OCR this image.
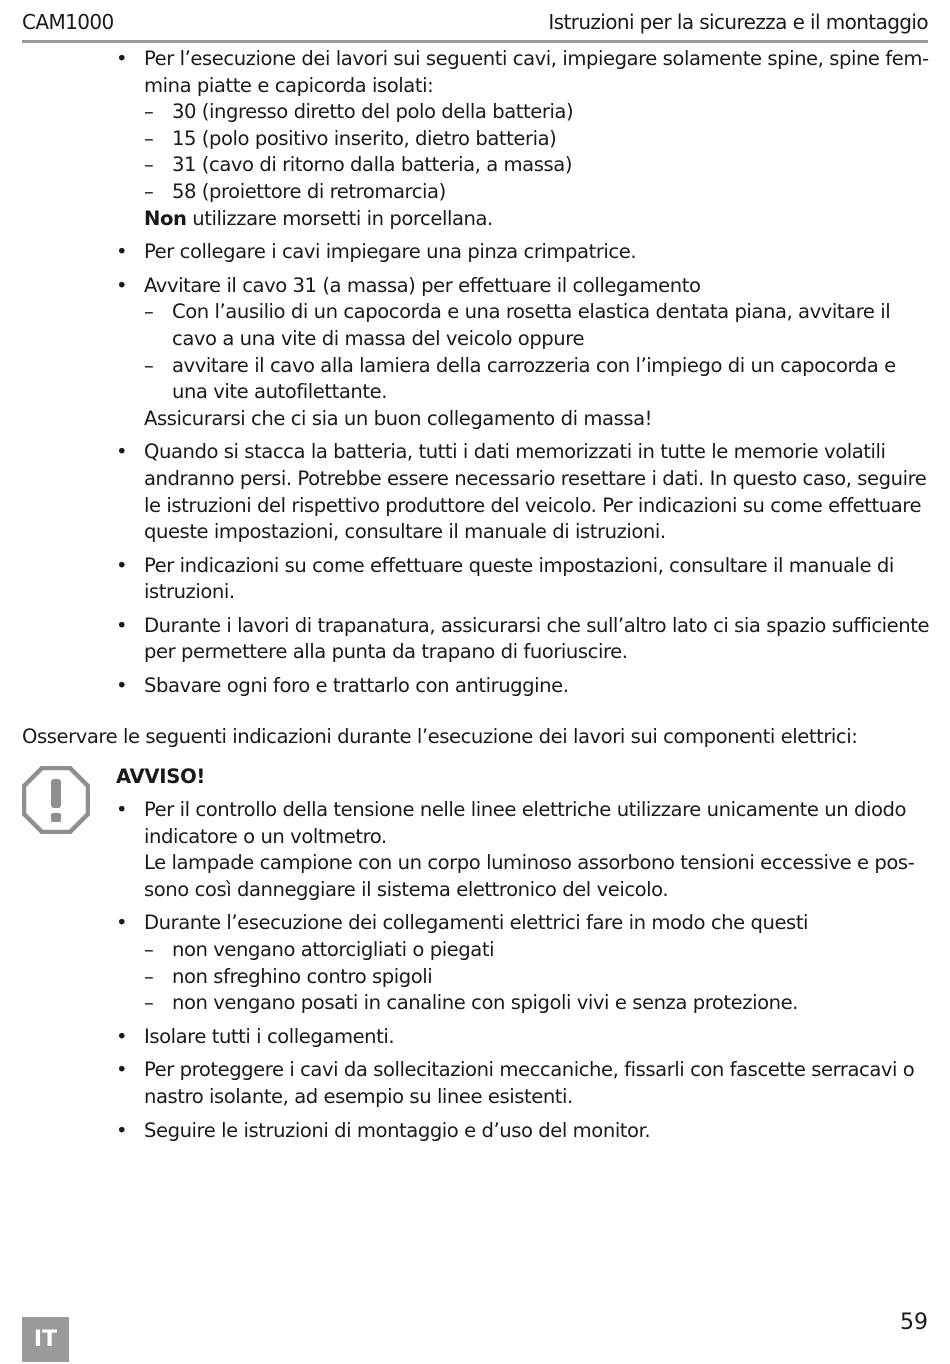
CAM1000	Istruzioni per la sicurezza e il montaggio
• Per l’esecuzione dei lavori sui seguenti cavi, impiegare solamente spine, spine femmina piatte e capicorda isolati:
– 30 (ingresso diretto del polo della batteria)
– 15 (polo positivo inserito, dietro batteria)
– 31 (cavo di ritorno dalla batteria, a massa)
– 58 (proiettore di retromarcia)
Non utilizzare morsetti in porcellana.
• Per collegare i cavi impiegare una pinza crimpatrice.
• Avvitare il cavo 31 (a massa) per effettuare il collegamento
– Con l’ausilio di un capocorda e una rosetta elastica dentata piana, avvitare il cavo a una vite di massa del veicolo oppure
– avvitare il cavo alla lamiera della carrozzeria con l’impiego di un capocorda e una vite autofilettante.
Assicurarsi che ci sia un buon collegamento di massa!
• Quando si stacca la batteria, tutti i dati memorizzati in tutte le memorie volatili andranno persi. Potrebbe essere necessario resettare i dati. In questo caso, seguire le istruzioni del rispettivo produttore del veicolo. Per indicazioni su come effettuare queste impostazioni, consultare il manuale di istruzioni.
• Per indicazioni su come effettuare queste impostazioni, consultare il manuale di istruzioni.
• Durante i lavori di trapanatura, assicurarsi che sull’altro lato ci sia spazio sufficiente per permettere alla punta da trapano di fuoriuscire.
• Sbavare ogni foro e trattarlo con antiruggine.
Osservare le seguenti indicazioni durante l’esecuzione dei lavori sui componenti elettrici:
AVVISO!
• Per il controllo della tensione nelle linee elettriche utilizzare unicamente un diodo indicatore o un voltmetro.
Le lampade campione con un corpo luminoso assorbono tensioni eccessive e possono così danneggiare il sistema elettronico del veicolo.
• Durante l’esecuzione dei collegamenti elettrici fare in modo che questi
– non vengano attorcigliati o piegati
– non sfreghino contro spigoli
– non vengano posati in canaline con spigoli vivi e senza protezione.
• Isolare tutti i collegamenti.
• Per proteggere i cavi da sollecitazioni meccaniche, fissarli con fascette serracavi o nastro isolante, ad esempio su linee esistenti.
• Seguire le istruzioni di montaggio e d’uso del monitor.
IT
59
